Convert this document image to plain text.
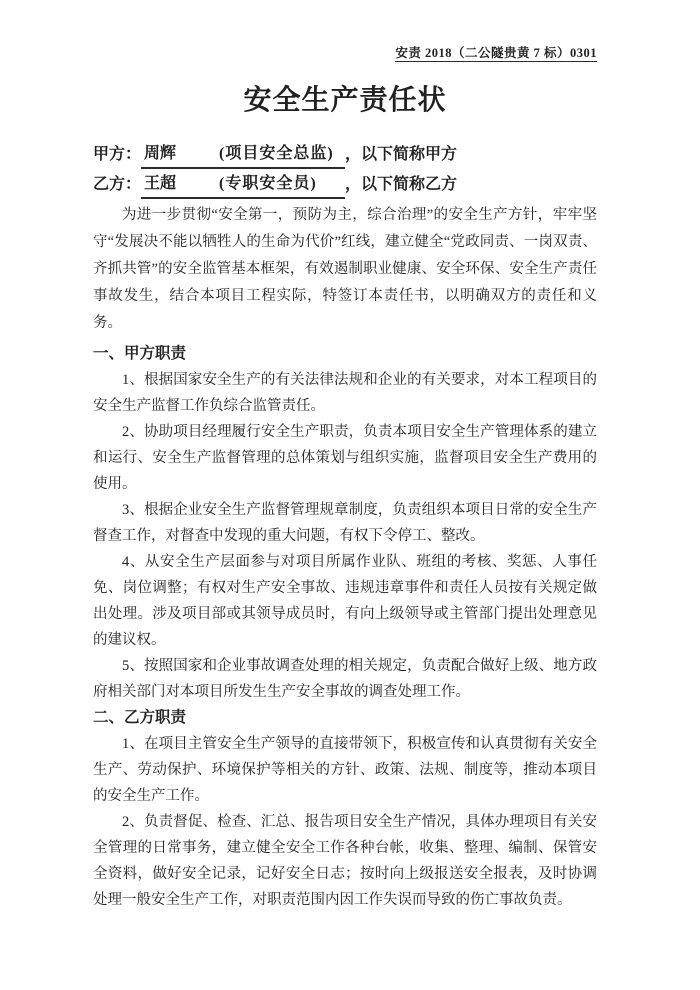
安责 2018（二公隧贵黄 7 标）0301
安全生产责任状
甲方： 周辉	(项目安全总监) ，以下简称甲方
乙方： 王超	(专职安全员) ，以下简称乙方

为进一步贯彻“安全第一，预防为主，综合治理”的安全生产方针，牢牢坚守“发展决不能以牺牲人的生命为代价”红线，建立健全“党政同责、一岗双责、齐抓共管”的安全监管基本框架，有效遏制职业健康、安全环保、安全生产责任事故发生，结合本项目工程实际，特签订本责任书，以明确双方的责任和义务。

一、甲方职责

1、根据国家安全生产的有关法律法规和企业的有关要求，对本工程项目的安全生产监督工作负综合监管责任。

2、协助项目经理履行安全生产职责，负责本项目安全生产管理体系的建立和运行、安全生产监督管理的总体策划与组织实施，监督项目安全生产费用的使用。

3、根据企业安全生产监督管理规章制度，负责组织本项目日常的安全生产督查工作，对督查中发现的重大问题，有权下令停工、整改。

4、从安全生产层面参与对项目所属作业队、班组的考核、奖惩、人事任免、岗位调整；有权对生产安全事故、违规违章事件和责任人员按有关规定做出处理。涉及项目部或其领导成员时，有向上级领导或主管部门提出处理意见的建议权。

5、按照国家和企业事故调查处理的相关规定，负责配合做好上级、地方政府相关部门对本项目所发生生产安全事故的调查处理工作。

二、乙方职责

1、在项目主管安全生产领导的直接带领下，积极宣传和认真贯彻有关安全生产、劳动保护、环境保护等相关的方针、政策、法规、制度等，推动本项目的安全生产工作。

2、负责督促、检查、汇总、报告项目安全生产情况，具体办理项目有关安全管理的日常事务，建立健全安全工作各种台帐，收集、整理、编制、保管安全资料，做好安全记录，记好安全日志；按时向上级报送安全报表，及时协调处理一般安全生产工作，对职责范围内因工作失误而导致的伤亡事故负责。
